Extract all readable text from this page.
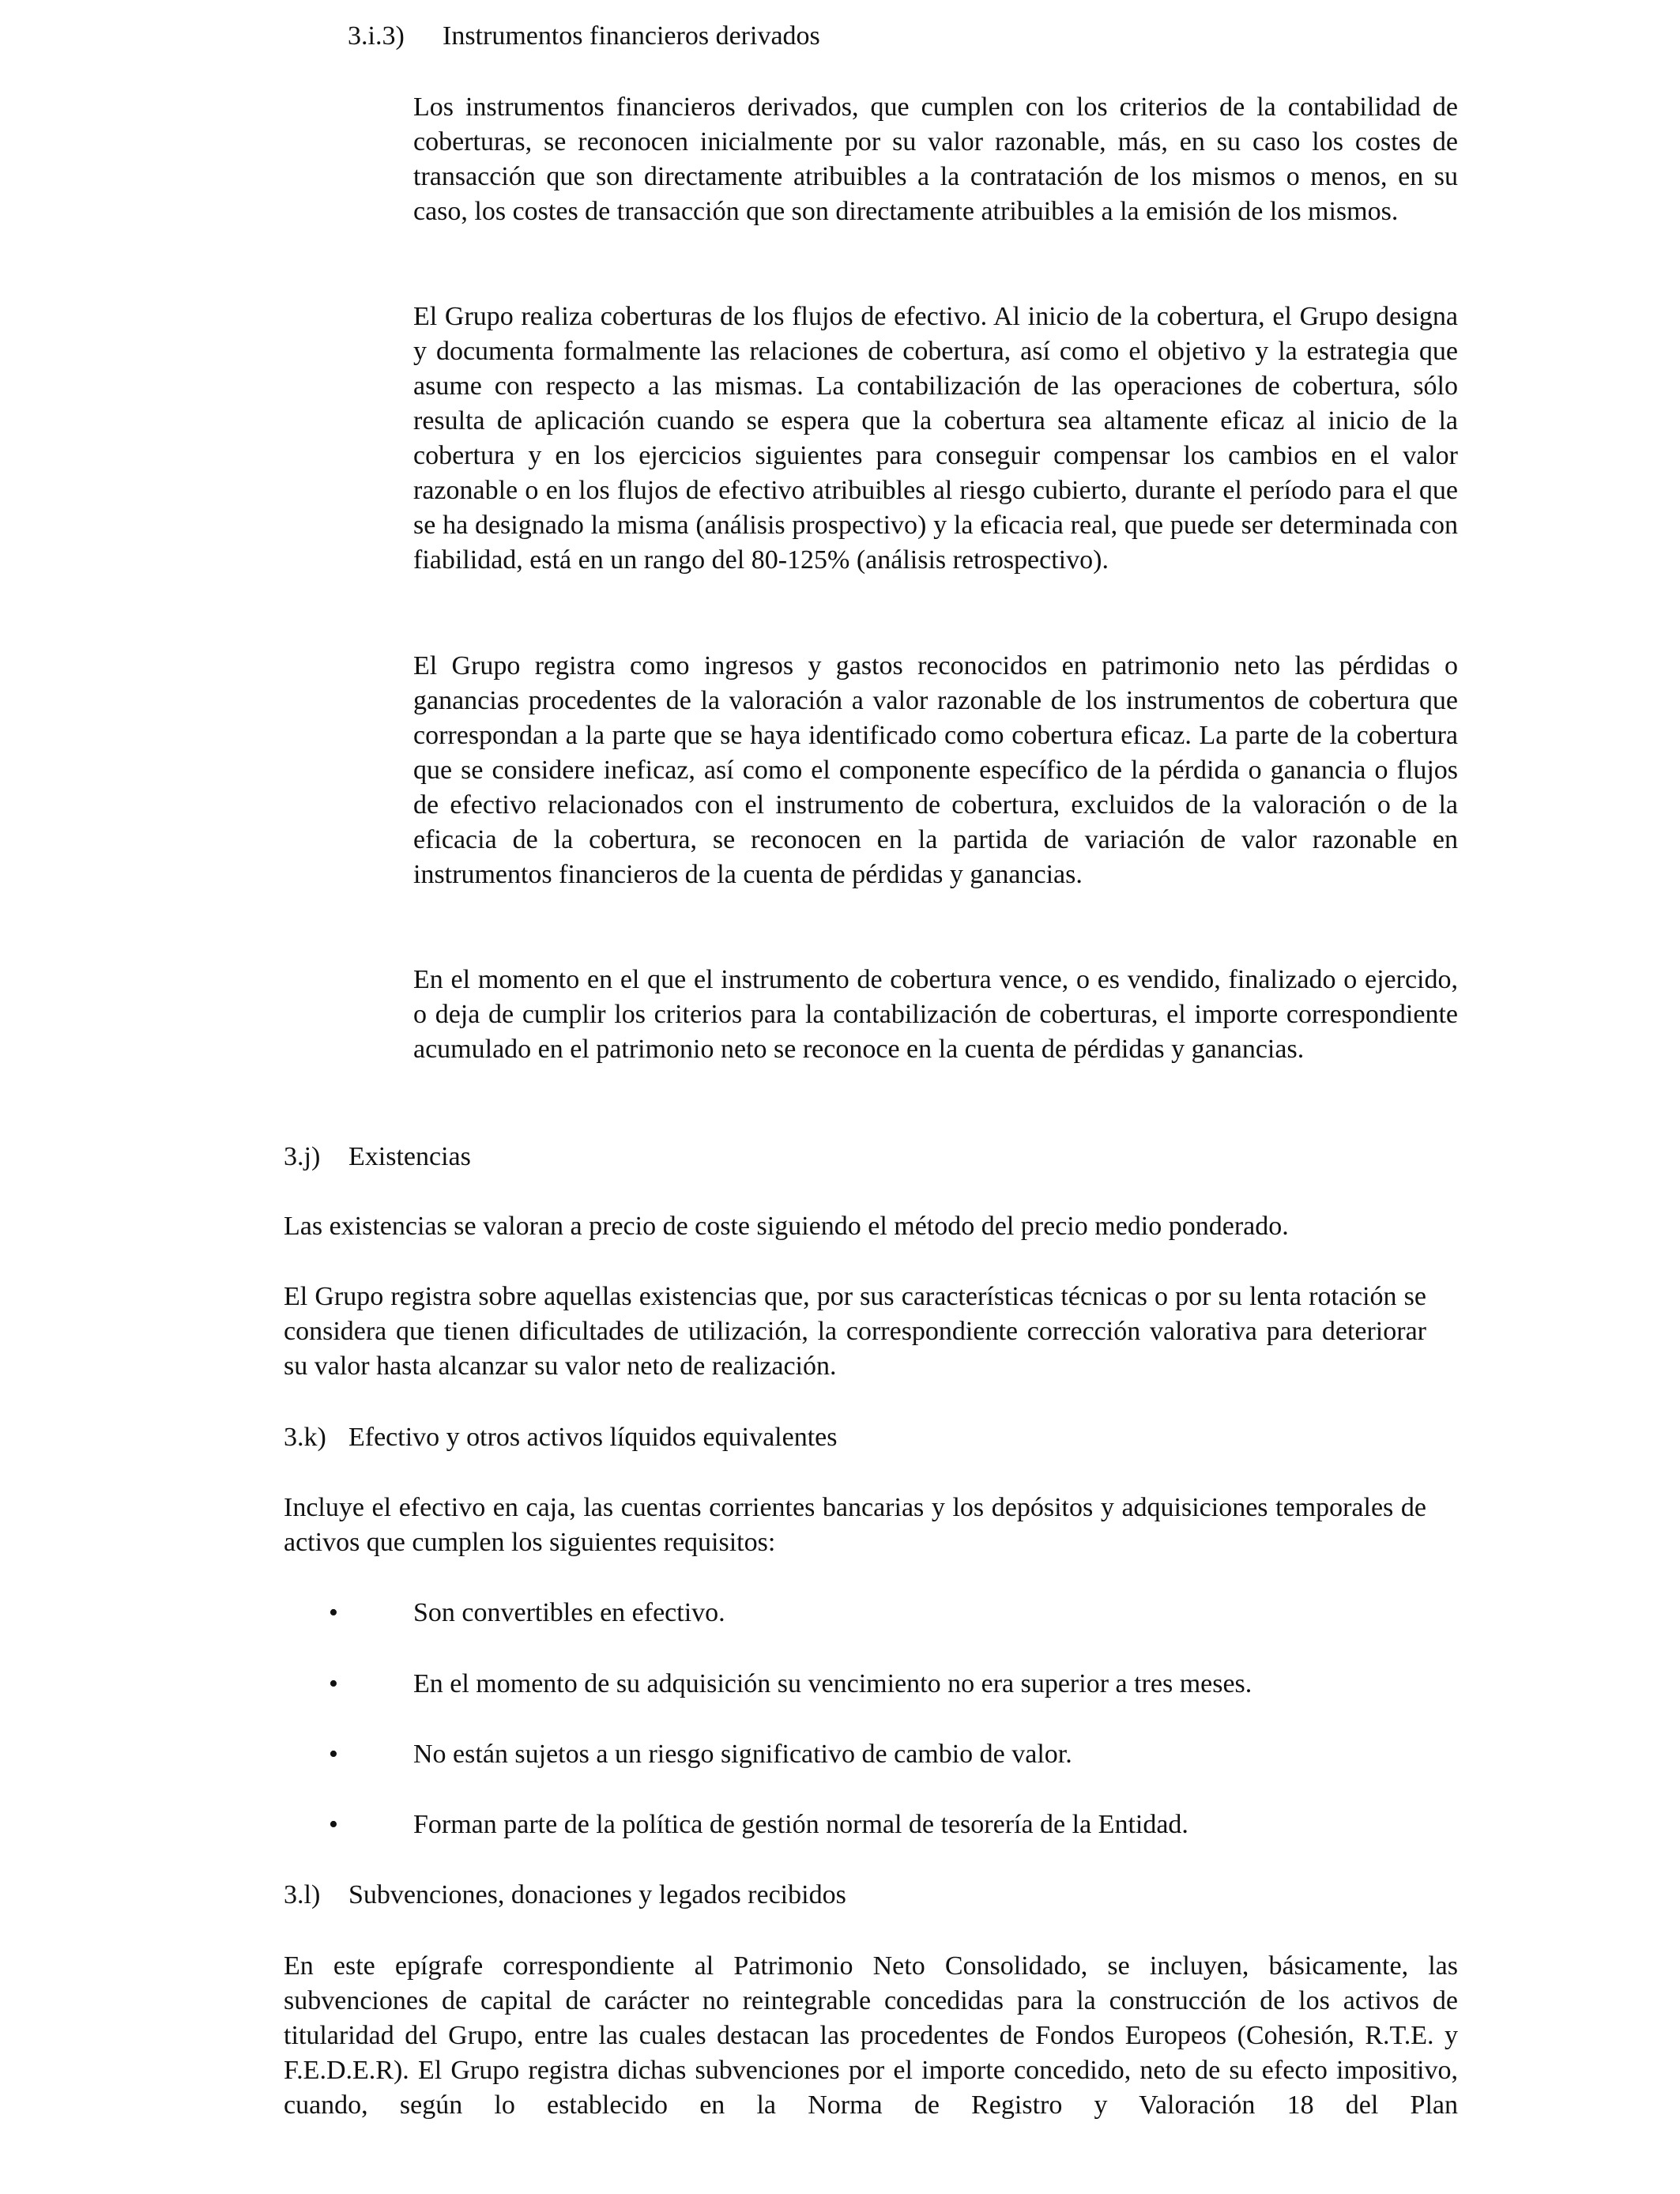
3.i.3) Instrumentos financieros derivados

Los instrumentos financieros derivados, que cumplen con los criterios de la contabilidad de coberturas, se reconocen inicialmente por su valor razonable, más, en su caso los costes de transacción que son directamente atribuibles a la contratación de los mismos o menos, en su caso, los costes de transacción que son directamente atribuibles a la emisión de los mismos.

El Grupo realiza coberturas de los flujos de efectivo. Al inicio de la cobertura, el Grupo designa y documenta formalmente las relaciones de cobertura, así como el objetivo y la estrategia que asume con respecto a las mismas. La contabilización de las operaciones de cobertura, sólo resulta de aplicación cuando se espera que la cobertura sea altamente eficaz al inicio de la cobertura y en los ejercicios siguientes para conseguir compensar los cambios en el valor razonable o en los flujos de efectivo atribuibles al riesgo cubierto, durante el período para el que se ha designado la misma (análisis prospectivo) y la eficacia real, que puede ser determinada con fiabilidad, está en un rango del 80-125% (análisis retrospectivo).

El Grupo registra como ingresos y gastos reconocidos en patrimonio neto las pérdidas o ganancias procedentes de la valoración a valor razonable de los instrumentos de cobertura que correspondan a la parte que se haya identificado como cobertura eficaz. La parte de la cobertura que se considere ineficaz, así como el componente específico de la pérdida o ganancia o flujos de efectivo relacionados con el instrumento de cobertura, excluidos de la valoración o de la eficacia de la cobertura, se reconocen en la partida de variación de valor razonable en instrumentos financieros de la cuenta de pérdidas y ganancias.

En el momento en el que el instrumento de cobertura vence, o es vendido, finalizado o ejercido, o deja de cumplir los criterios para la contabilización de coberturas, el importe correspondiente acumulado en el patrimonio neto se reconoce en la cuenta de pérdidas y ganancias.

3.j) Existencias

Las existencias se valoran a precio de coste siguiendo el método del precio medio ponderado.

El Grupo registra sobre aquellas existencias que, por sus características técnicas o por su lenta rotación se considera que tienen dificultades de utilización, la correspondiente corrección valorativa para deteriorar su valor hasta alcanzar su valor neto de realización.

3.k) Efectivo y otros activos líquidos equivalentes

Incluye el efectivo en caja, las cuentas corrientes bancarias y los depósitos y adquisiciones temporales de activos que cumplen los siguientes requisitos:

•	Son convertibles en efectivo.
•	En el momento de su adquisición su vencimiento no era superior a tres meses.
•	No están sujetos a un riesgo significativo de cambio de valor.
•	Forman parte de la política de gestión normal de tesorería de la Entidad.
3.l) Subvenciones, donaciones y legados recibidos

En este epígrafe correspondiente al Patrimonio Neto Consolidado, se incluyen, básicamente, las subvenciones de capital de carácter no reintegrable concedidas para la construcción de los activos de titularidad del Grupo, entre las cuales destacan las procedentes de Fondos Europeos (Cohesión, R.T.E. y F.E.D.E.R). El Grupo registra dichas subvenciones por el importe concedido, neto de su efecto impositivo, cuando, según lo establecido en la Norma de Registro y Valoración 18 del Plan
